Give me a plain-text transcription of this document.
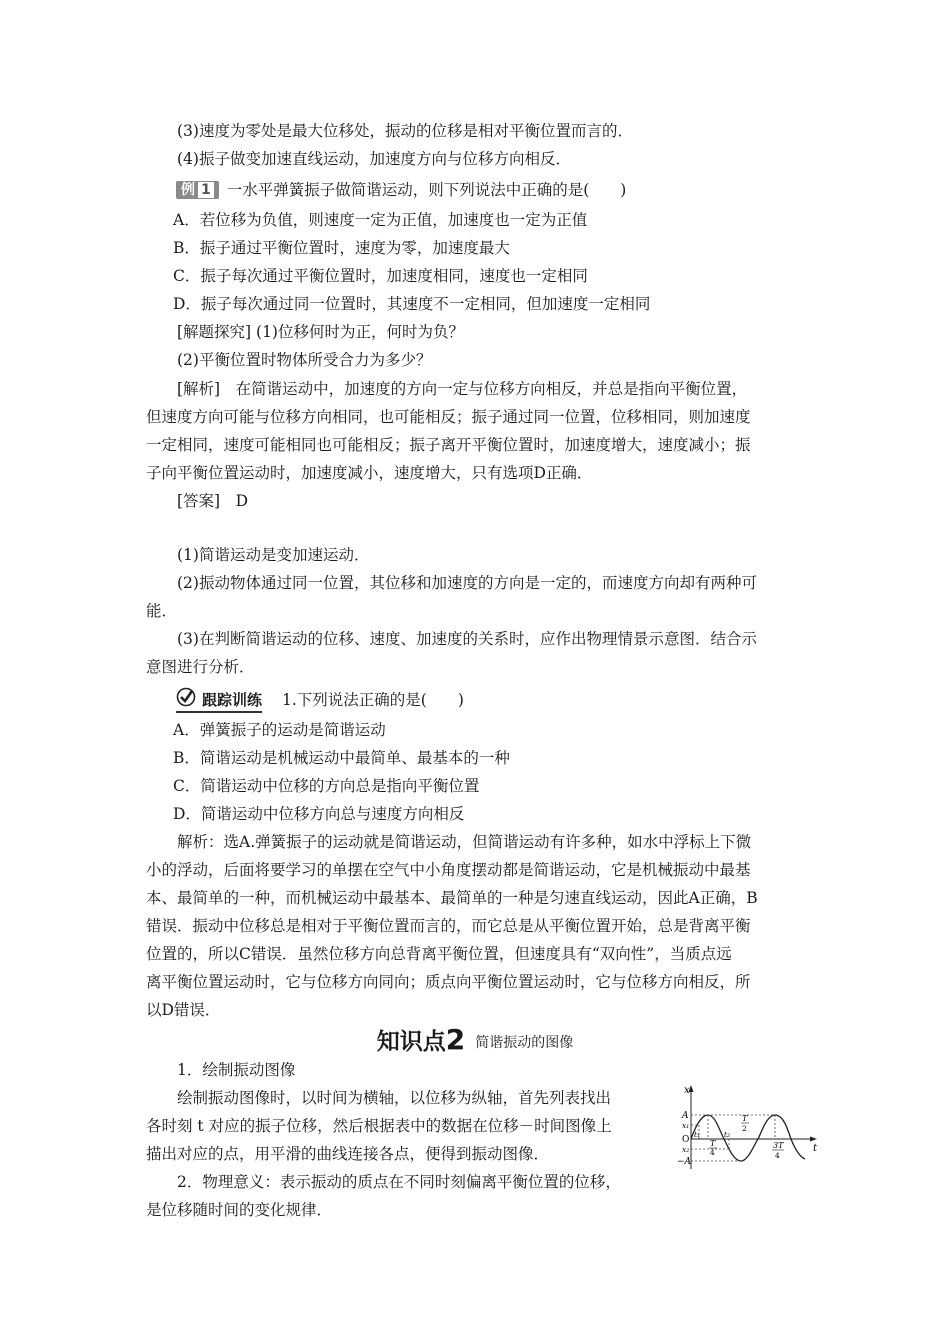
(3)速度为零处是最大位移处，振动的位移是相对平衡位置而言的．
(4)振子做变加速直线运动，加速度方向与位移方向相反．
例 1 一水平弹簧振子做简谐运动，则下列说法中正确的是(　　)
A．若位移为负值，则速度一定为正值，加速度也一定为正值
B．振子通过平衡位置时，速度为零，加速度最大
C．振子每次通过平衡位置时，加速度相同，速度也一定相同
D．振子每次通过同一位置时，其速度不一定相同，但加速度一定相同
[解题探究] (1)位移何时为正，何时为负？
(2)平衡位置时物体所受合力为多少？
[解析]　在简谐运动中，加速度的方向一定与位移方向相反，并总是指向平衡位置，
但速度方向可能与位移方向相同，也可能相反；振子通过同一位置，位移相同，则加速度
一定相同，速度可能相同也可能相反；振子离开平衡位置时，加速度增大，速度减小；振
子向平衡位置运动时，加速度减小，速度增大，只有选项D正确．
[答案]　D
(1)简谐运动是变加速运动．
(2)振动物体通过同一位置，其位移和加速度的方向是一定的，而速度方向却有两种可
能．
(3)在判断简谐运动的位移、速度、加速度的关系时，应作出物理情景示意图．结合示
意图进行分析．
跟踪训练 1.下列说法正确的是(　　)
A．弹簧振子的运动是简谐运动
B．简谐运动是机械运动中最简单、最基本的一种
C．简谐运动中位移的方向总是指向平衡位置
D．简谐运动中位移方向总与速度方向相反
解析：选A.弹簧振子的运动就是简谐运动，但简谐运动有许多种，如水中浮标上下微
小的浮动，后面将要学习的单摆在空气中小角度摆动都是简谐运动，它是机械振动中最基
本、最简单的一种，而机械运动中最基本、最简单的一种是匀速直线运动，因此A正确，B
错误．振动中位移总是相对于平衡位置而言的，而它总是从平衡位置开始，总是背离平衡
位置的，所以C错误．虽然位移方向总背离平衡位置，但速度具有“双向性”，当质点远
离平衡位置运动时，它与位移方向同向；质点向平衡位置运动时，它与位移方向相反，所
以D错误．
知识点2 简谐振动的图像
1．绘制振动图像
绘制振动图像时，以时间为横轴，以位移为纵轴，首先列表找出
各时刻 t 对应的振子位移，然后根据表中的数据在位移－时间图像上
描出对应的点，用平滑的曲线连接各点，便得到振动图像．
2．物理意义：表示振动的质点在不同时刻偏离平衡位置的位移，
是位移随时间的变化规律．
x
t
A
x₁
O
x₂
−A
t₁	t₂
T
4
T
2
3T
4
